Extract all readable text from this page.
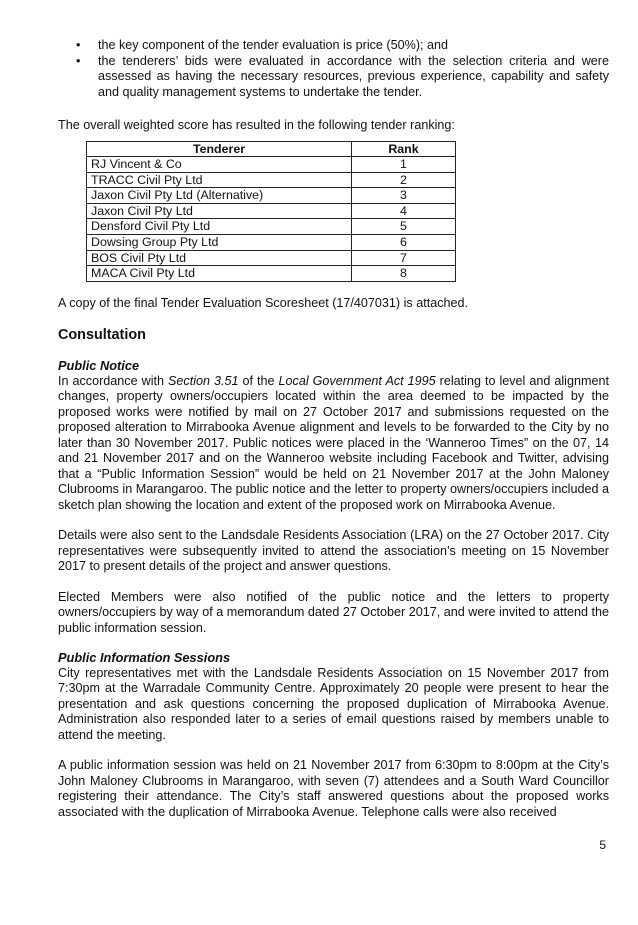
• the key component of the tender evaluation is price (50%); and
• the tenderers’ bids were evaluated in accordance with the selection criteria and were assessed as having the necessary resources, previous experience, capability and safety and quality management systems to undertake the tender.

The overall weighted score has resulted in the following tender ranking:

Tenderer	Rank
RJ Vincent & Co	1
TRACC Civil Pty Ltd	2
Jaxon Civil Pty Ltd (Alternative)	3
Jaxon Civil Pty Ltd	4
Densford Civil Pty Ltd	5
Dowsing Group Pty Ltd	6
BOS Civil Pty Ltd	7
MACA Civil Pty Ltd	8

A copy of the final Tender Evaluation Scoresheet (17/407031) is attached.

Consultation
Public Notice

In accordance with Section 3.51 of the Local Government Act 1995 relating to level and alignment changes, property owners/occupiers located within the area deemed to be impacted by the proposed works were notified by mail on 27 October 2017 and submissions requested on the proposed alteration to Mirrabooka Avenue alignment and levels to be forwarded to the City by no later than 30 November 2017. Public notices were placed in the ‘Wanneroo Times” on the 07, 14 and 21 November 2017 and on the Wanneroo website including Facebook and Twitter, advising that a “Public Information Session” would be held on 21 November 2017 at the John Maloney Clubrooms in Marangaroo. The public notice and the letter to property owners/occupiers included a sketch plan showing the location and extent of the proposed work on Mirrabooka Avenue.

Details were also sent to the Landsdale Residents Association (LRA) on the 27 October 2017. City representatives were subsequently invited to attend the association’s meeting on 15 November 2017 to present details of the project and answer questions.

Elected Members were also notified of the public notice and the letters to property owners/occupiers by way of a memorandum dated 27 October 2017, and were invited to attend the public information session.

Public Information Sessions

City representatives met with the Landsdale Residents Association on 15 November 2017 from 7:30pm at the Warradale Community Centre. Approximately 20 people were present to hear the presentation and ask questions concerning the proposed duplication of Mirrabooka Avenue. Administration also responded later to a series of email questions raised by members unable to attend the meeting.

A public information session was held on 21 November 2017 from 6:30pm to 8:00pm at the City’s John Maloney Clubrooms in Marangaroo, with seven (7) attendees and a South Ward Councillor registering their attendance. The City’s staff answered questions about the proposed works associated with the duplication of Mirrabooka Avenue. Telephone calls were also received

5
